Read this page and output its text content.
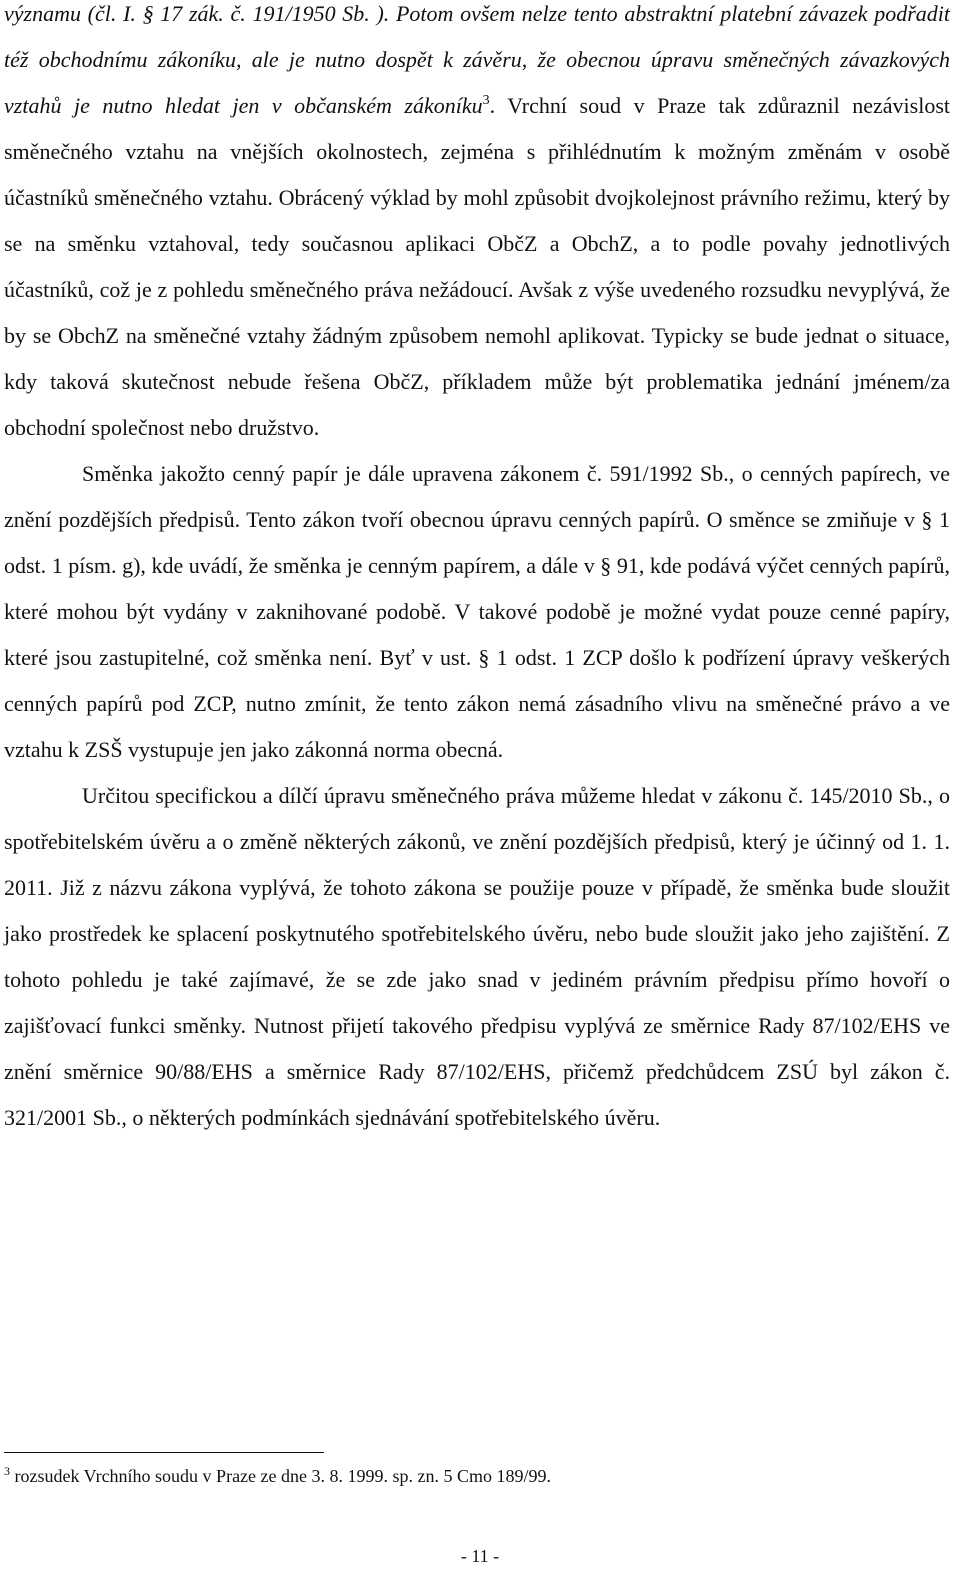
významu (čl. I. § 17 zák. č. 191/1950 Sb. ). Potom ovšem nelze tento abstraktní platební závazek podřadit též obchodnímu zákoníku, ale je nutno dospět k závěru, že obecnou úpravu směnečných závazkových vztahů je nutno hledat jen v občanském zákoníku$^3$. Vrchní soud v Praze tak zdůraznil nezávislost směnečného vztahu na vnějších okolnostech, zejména s přihlédnutím k možným změnám v osobě účastníků směnečného vztahu. Obrácený výklad by mohl způsobit dvojkolejnost právního režimu, který by se na směnku vztahoval, tedy současnou aplikaci ObčZ a ObchZ, a to podle povahy jednotlivých účastníků, což je z pohledu směnečného práva nežádoucí. Avšak z výše uvedeného rozsudku nevyplývá, že by se ObchZ na směnečné vztahy žádným způsobem nemohl aplikovat. Typicky se bude jednat o situace, kdy taková skutečnost nebude řešena ObčZ, příkladem může být problematika jednání jménem/za obchodní společnost nebo družstvo.

Směnka jakožto cenný papír je dále upravena zákonem č. 591/1992 Sb., o cenných papírech, ve znění pozdějších předpisů. Tento zákon tvoří obecnou úpravu cenných papírů. O směnce se zmiňuje v § 1 odst. 1 písm. g), kde uvádí, že směnka je cenným papírem, a dále v § 91, kde podává výčet cenných papírů, které mohou být vydány v zaknihované podobě. V takové podobě je možné vydat pouze cenné papíry, které jsou zastupitelné, což směnka není. Byť v ust. § 1 odst. 1 ZCP došlo k podřízení úpravy veškerých cenných papírů pod ZCP, nutno zmínit, že tento zákon nemá zásadního vlivu na směnečné právo a ve vztahu k ZSŠ vystupuje jen jako zákonná norma obecná.

Určitou specifickou a dílčí úpravu směnečného práva můžeme hledat v zákonu č. 145/2010 Sb., o spotřebitelském úvěru a o změně některých zákonů, ve znění pozdějších předpisů, který je účinný od 1. 1. 2011. Již z názvu zákona vyplývá, že tohoto zákona se použije pouze v případě, že směnka bude sloužit jako prostředek ke splacení poskytnutého spotřebitelského úvěru, nebo bude sloužit jako jeho zajištění. Z tohoto pohledu je také zajímavé, že se zde jako snad v jediném právním předpisu přímo hovoří o zajišťovací funkci směnky. Nutnost přijetí takového předpisu vyplývá ze směrnice Rady 87/102/EHS ve znění směrnice 90/88/EHS a směrnice Rady 87/102/EHS, přičemž předchůdcem ZSÚ byl zákon č. 321/2001 Sb., o některých podmínkách sjednávání spotřebitelského úvěru.

$^3$ rozsudek Vrchního soudu v Praze ze dne 3. 8. 1999. sp. zn. 5 Cmo 189/99.
- 11 -
